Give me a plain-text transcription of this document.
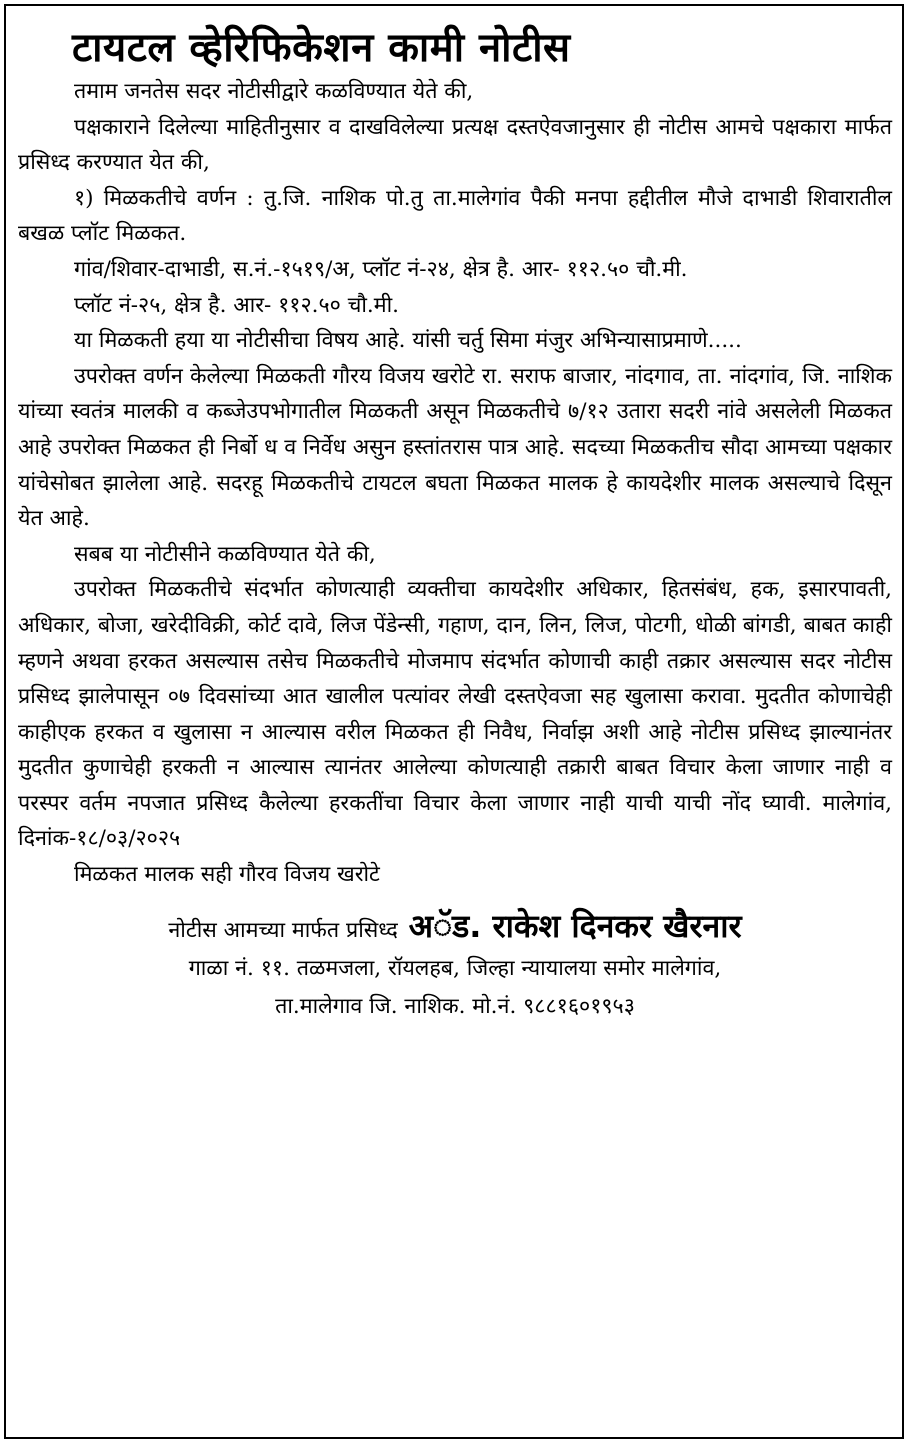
टायटल व्हेरिफिकेशन कामी नोटीस

तमाम जनतेस सदर नोटीसीद्वारे कळविण्यात येते की,

पक्षकाराने दिलेल्या माहितीनुसार व दाखविलेल्या प्रत्यक्ष दस्तऐवजानुसार ही नोटीस आमचे पक्षकारा मार्फत प्रसिध्द करण्यात येत की,

१) मिळकतीचे वर्णन : तु.जि. नाशिक पो.तु ता.मालेगांव पैकी मनपा हद्दीतील मौजे दाभाडी शिवारातील बखळ प्लॉट मिळकत.

गांव/शिवार-दाभाडी, स.नं.-१५१९/अ, प्लॉट नं-२४, क्षेत्र है. आर- ११२.५० चौ.मी.

प्लॉट नं-२५, क्षेत्र है. आर- ११२.५० चौ.मी.

या मिळकती हया या नोटीसीचा विषय आहे. यांसी चर्तु सिमा मंजुर अभिन्यासाप्रमाणे.....

उपरोक्त वर्णन केलेल्या मिळकती गौरय विजय खरोटे रा. सराफ बाजार, नांदगाव, ता. नांदगांव, जि. नाशिक यांच्या स्वतंत्र मालकी व कब्जेउपभोगातील मिळकती असून मिळकतीचे ७/१२ उतारा सदरी नांवे असलेली मिळकत आहे उपरोक्त मिळकत ही निर्बो ध व निर्वेध असुन हस्तांतरास पात्र आहे. सदच्या मिळकतीच सौदा आमच्या पक्षकार यांचेसोबत झालेला आहे. सदरहू मिळकतीचे टायटल बघता मिळकत मालक हे कायदेशीर मालक असल्याचे दिसून येत आहे.

सबब या नोटीसीने कळविण्यात येते की,

उपरोक्त मिळकतीचे संदर्भात कोणत्याही व्यक्तीचा कायदेशीर अधिकार, हितसंबंध, हक, इसारपावती, अधिकार, बोजा, खरेदीविक्री, कोर्ट दावे, लिज पेंडेन्सी, गहाण, दान, लिन, लिज, पोटगी, धोळी बांगडी, बाबत काही म्हणने अथवा हरकत असल्यास तसेच मिळकतीचे मोजमाप संदर्भात कोणाची काही तक्रार असल्यास सदर नोटीस प्रसिध्द झालेपासून ०७ दिवसांच्या आत खालील पत्यांवर लेखी दस्तऐवजा सह खुलासा करावा. मुदतीत कोणाचेही काहीएक हरकत व खुलासा न आल्यास वरील मिळकत ही निवैध, निर्वाझ अशी आहे नोटीस प्रसिध्द झाल्यानंतर मुदतीत कुणाचेही हरकती न आल्यास त्यानंतर आलेल्या कोणत्याही तक्रारी बाबत विचार केला जाणार नाही व परस्पर वर्तम नपजात प्रसिध्द कैलेल्या हरकतींचा विचार केला जाणार नाही याची याची नोंद घ्यावी. मालेगांव, दिनांक-१८/०३/२०२५

मिळकत मालक सही गौरव विजय खरोटे

नोटीस आमच्या मार्फत प्रसिध्द अॅड. राकेश दिनकर खैरनार
गाळा नं. ११. तळमजला, रॉयलहब, जिल्हा न्यायालया समोर मालेगांव,
ता.मालेगाव जि. नाशिक. मो.नं. ९८८१६०१९५३
